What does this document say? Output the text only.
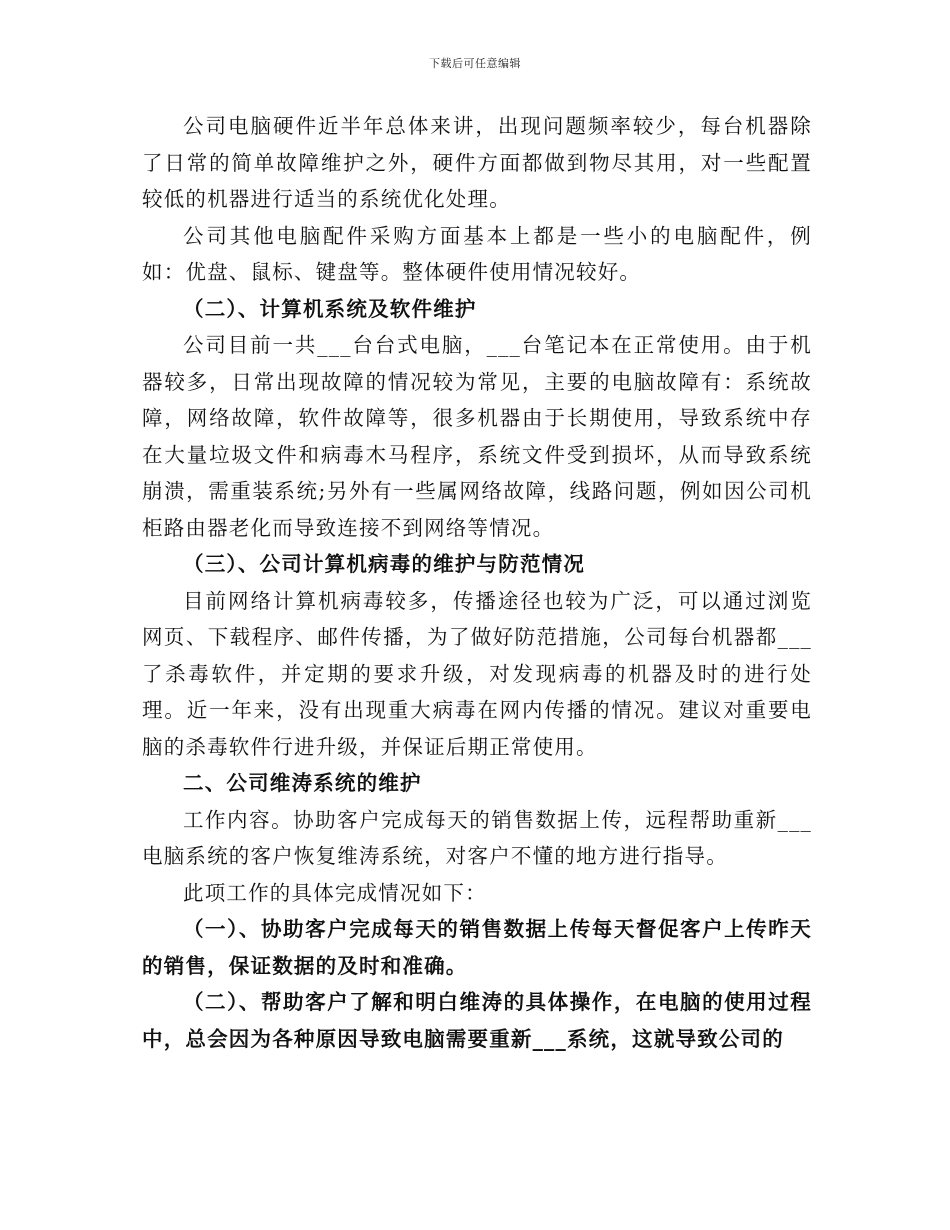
下载后可任意编辑

公司电脑硬件近半年总体来讲，出现问题频率较少，每台机器除了日常的简单故障维护之外，硬件方面都做到物尽其用，对一些配置较低的机器进行适当的系统优化处理。

公司其他电脑配件采购方面基本上都是一些小的电脑配件，例如：优盘、鼠标、键盘等。整体硬件使用情况较好。

（二）、计算机系统及软件维护

公司目前一共___台台式电脑，___台笔记本在正常使用。由于机器较多，日常出现故障的情况较为常见，主要的电脑故障有：系统故障，网络故障，软件故障等，很多机器由于长期使用，导致系统中存在大量垃圾文件和病毒木马程序，系统文件受到损坏，从而导致系统崩溃，需重装系统;另外有一些属网络故障，线路问题，例如因公司机柜路由器老化而导致连接不到网络等情况。

（三）、公司计算机病毒的维护与防范情况

目前网络计算机病毒较多，传播途径也较为广泛，可以通过浏览网页、下载程序、邮件传播，为了做好防范措施，公司每台机器都___了杀毒软件，并定期的要求升级，对发现病毒的机器及时的进行处理。近一年来，没有出现重大病毒在网内传播的情况。建议对重要电脑的杀毒软件行进升级，并保证后期正常使用。

二、公司维涛系统的维护

工作内容。协助客户完成每天的销售数据上传，远程帮助重新___电脑系统的客户恢复维涛系统，对客户不懂的地方进行指导。

此项工作的具体完成情况如下：

（一）、协助客户完成每天的销售数据上传每天督促客户上传昨天的销售，保证数据的及时和准确。

（二）、帮助客户了解和明白维涛的具体操作，在电脑的使用过程中，总会因为各种原因导致电脑需要重新___系统，这就导致公司的
